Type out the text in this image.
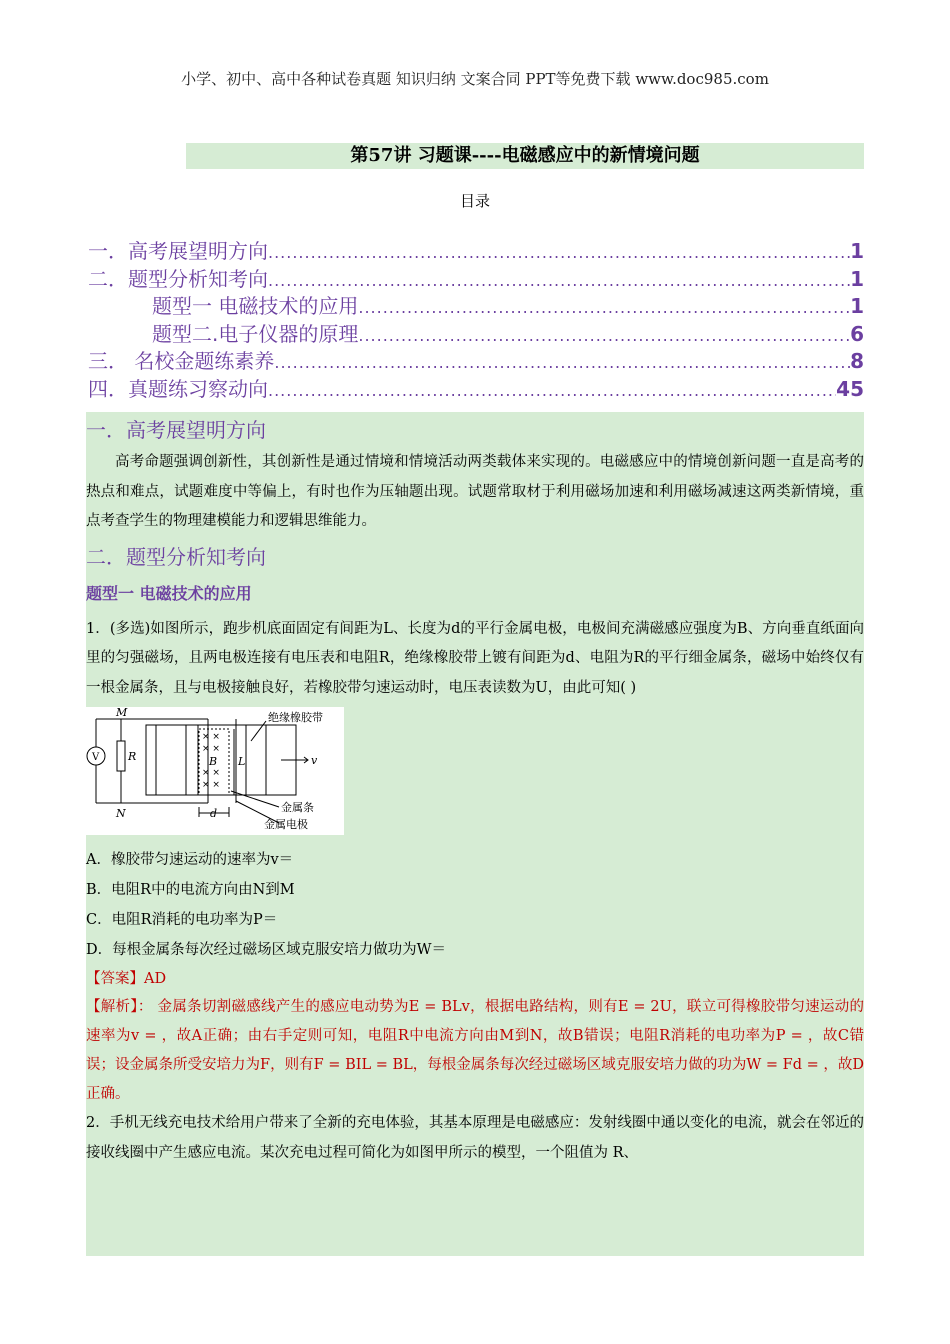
小学、初中、高中各种试卷真题 知识归纳 文案合同 PPT等免费下载 www.doc985.com
第57讲 习题课----电磁感应中的新情境问题
目录
一．高考展望明方向 .....	1
二．题型分析知考向 .....	1
题型一 电磁技术的应用 .....	1
题型二.电子仪器的原理 .....	6
三． 名校金题练素养 .....	8
四．真题练习察动向 .....	45
一．高考展望明方向
高考命题强调创新性，其创新性是通过情境和情境活动两类载体来实现的。电磁感应中的情境创新问题一直是高考的热点和难点，试题难度中等偏上，有时也作为压轴题出现。试题常取材于利用磁场加速和利用磁场减速这两类新情境，重点考查学生的物理建模能力和逻辑思维能力。
二．题型分析知考向
题型一 电磁技术的应用
1．(多选)如图所示，跑步机底面固定有间距为L、长度为d的平行金属电极，电极间充满磁感应强度为B、方向垂直纸面向里的匀强磁场，且两电极连接有电压表和电阻R，绝缘橡胶带上镀有间距为d、电阻为R的平行细金属条，磁场中始终仅有一根金属条，且与电极接触良好，若橡胶带匀速运动时，电压表读数为U，由此可知( )
× ×
× ×
× ×
× ×
M
N
V	R	B L	v
d
绝缘橡胶带
金属条
金属电极
A．橡胶带匀速运动的速率为v＝
B．电阻R中的电流方向由N到M
C．电阻R消耗的电功率为P＝
D．每根金属条每次经过磁场区域克服安培力做功为W＝
【答案】AD
【解析】： 金属条切割磁感线产生的感应电动势为E = BLv，根据电路结构，则有E = 2U，联立可得橡胶带匀速运动的速率为v = ，故A正确；由右手定则可知，电阻R中电流方向由M到N，故B错误；电阻R消耗的电功率为P = ，故C错误；设金属条所受安培力为F，则有F = BIL = BL，每根金属条每次经过磁场区域克服安培力做的功为W = Fd = ，故D正确。
2．手机无线充电技术给用户带来了全新的充电体验，其基本原理是电磁感应：发射线圈中通以变化的电流，就会在邻近的接收线圈中产生感应电流。某次充电过程可简化为如图甲所示的模型，一个阻值为 R、
